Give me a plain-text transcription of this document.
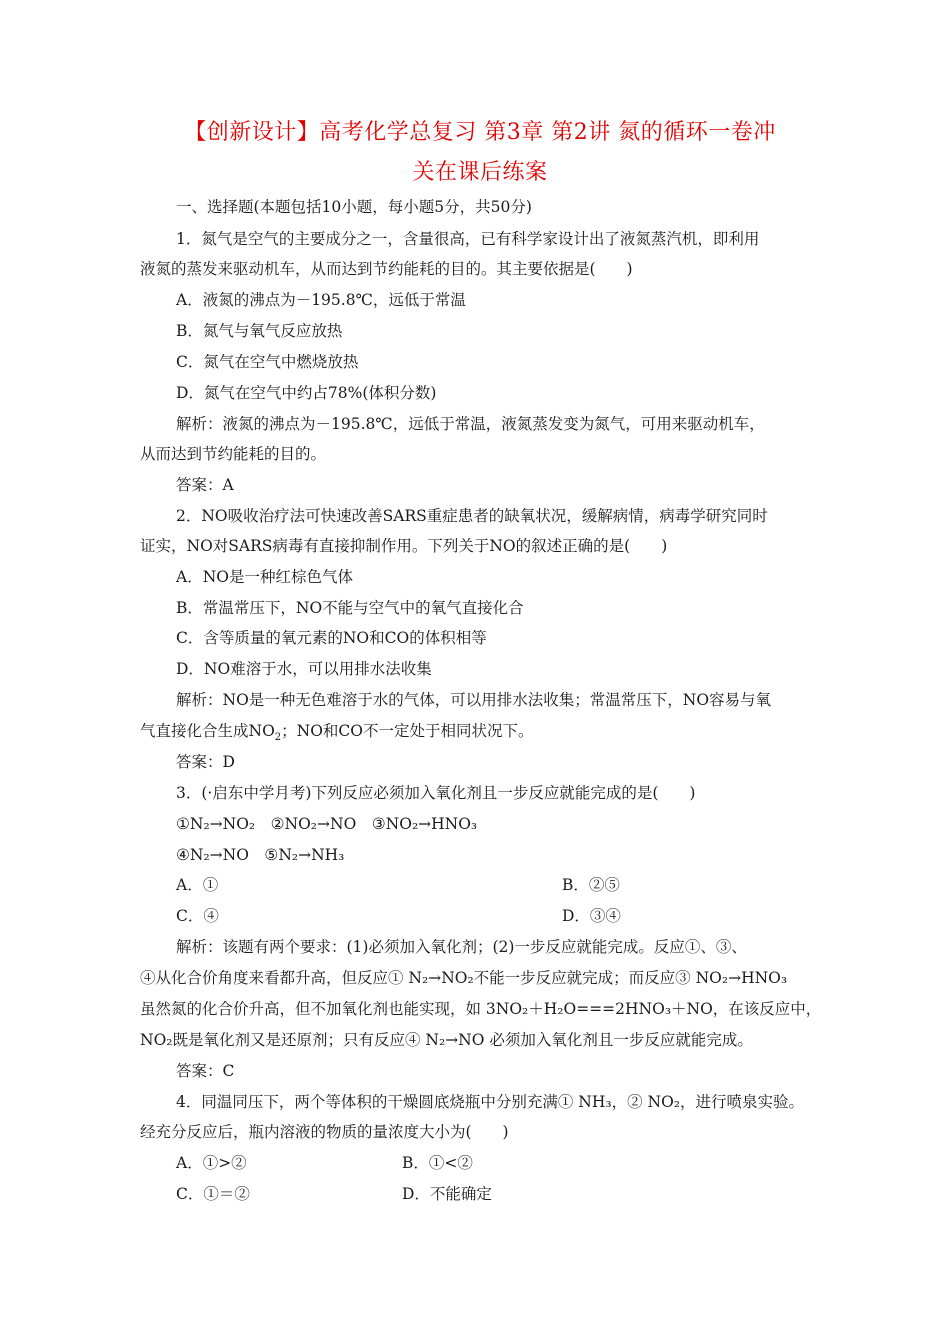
【创新设计】高考化学总复习 第3章 第2讲 氮的循环一卷冲
关在课后练案
一、选择题(本题包括10小题，每小题5分，共50分)
1．氮气是空气的主要成分之一，含量很高，已有科学家设计出了液氮蒸汽机，即利用
液氮的蒸发来驱动机车，从而达到节约能耗的目的。其主要依据是(　　)
A．液氮的沸点为－195.8℃，远低于常温
B．氮气与氧气反应放热
C．氮气在空气中燃烧放热
D．氮气在空气中约占78%(体积分数)
解析：液氮的沸点为－195.8℃，远低于常温，液氮蒸发变为氮气，可用来驱动机车，
从而达到节约能耗的目的。
答案：A
2．NO吸收治疗法可快速改善SARS重症患者的缺氧状况，缓解病情，病毒学研究同时
证实，NO对SARS病毒有直接抑制作用。下列关于NO的叙述正确的是(　　)
A．NO是一种红棕色气体
B．常温常压下，NO不能与空气中的氧气直接化合
C．含等质量的氧元素的NO和CO的体积相等
D．NO难溶于水，可以用排水法收集
解析：NO是一种无色难溶于水的气体，可以用排水法收集；常温常压下，NO容易与氧
气直接化合生成$NO_2$；NO和CO不一定处于相同状况下。
答案：D
3．(·启东中学月考)下列反应必须加入氧化剂且一步反应就能完成的是(　　)
①N₂→NO₂　②NO₂→NO　③NO₂→HNO₃
④N₂→NO　⑤N₂→NH₃
A．①	B．②⑤
C．④	D．③④
解析：该题有两个要求：(1)必须加入氧化剂；(2)一步反应就能完成。反应①、③、
④从化合价角度来看都升高，但反应① N₂→NO₂不能一步反应就完成；而反应③ NO₂→HNO₃
虽然氮的化合价升高，但不加氧化剂也能实现，如 3NO₂＋H₂O===2HNO₃＋NO，在该反应中，
NO₂既是氧化剂又是还原剂；只有反应④ N₂→NO 必须加入氧化剂且一步反应就能完成。
答案：C
4．同温同压下，两个等体积的干燥圆底烧瓶中分别充满① NH₃，② NO₂，进行喷泉实验。
经充分反应后，瓶内溶液的物质的量浓度大小为(　　)
A．①>②	B．①<②
C．①＝②	D．不能确定
